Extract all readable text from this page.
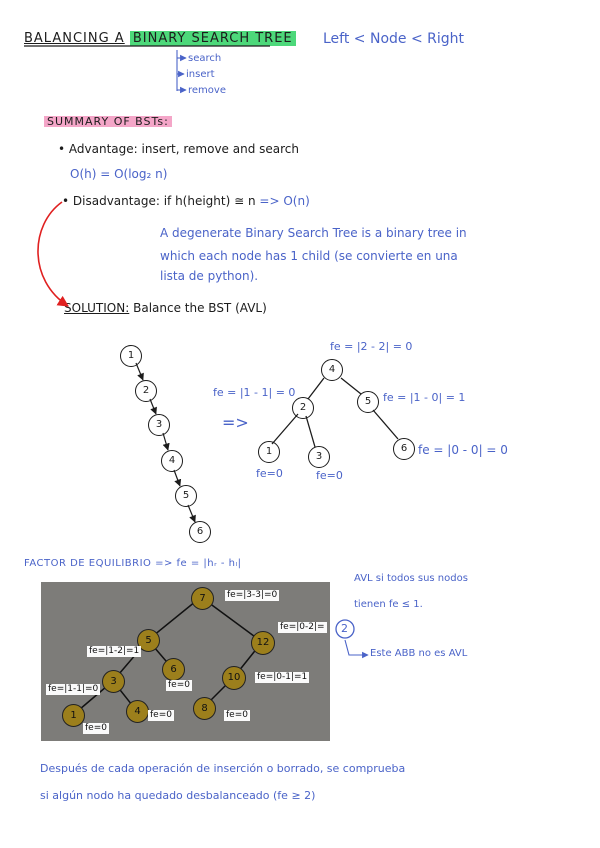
BALANCING A BINARY SEARCH TREE Left < Node < Right
search
insert
remove
SUMMARY OF BSTs:
• Advantage: insert, remove and search
O(h) = O(log₂ n)
• Disadvantage: if h(height) ≅ n => O(n)
A degenerate Binary Search Tree is a binary tree in
which each node has 1 child (se convierte en una
lista de python).
SOLUTION: Balance the BST (AVL)
1
2
3
4
5
6
=>
4
2
5
1	3
6
fe = |2 - 2| = 0
fe = |1 - 1| = 0	fe = |1 - 0| = 1
fe = |0 - 0| = 0
fe=0	fe=0
FACTOR DE EQUILIBRIO => fe = |hᵣ - hₗ|
AVL si todos sus nodos
tienen fe ≤ 1.
2
Este ABB no es AVL
7
5	12
3
6
10
1	4	8
fe=|3-3|=0
fe=|0-2|=
fe=|1-2|=1
fe=|1-1|=0	fe=0
fe=|0-1|=1
fe=0
fe=0	fe=0
Después de cada operación de inserción o borrado, se comprueba
si algún nodo ha quedado desbalanceado (fe ≥ 2)
